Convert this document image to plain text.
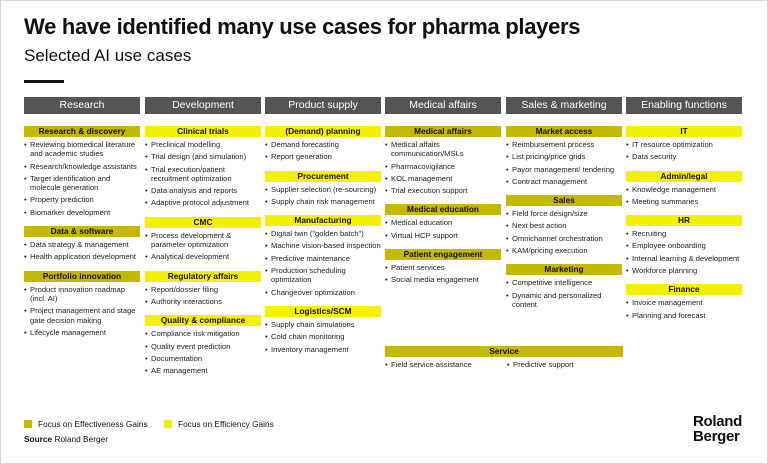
We have identified many use cases for pharma players
Selected AI use cases
Research
Research & discovery
• Reviewing biomedical literature and academic studies
• Research/knowledge assistants
• Target identification and molecule generation
• Property prediction
• Biomarker development
Data & software
• Data strategy & management
• Health application development
Portfolio innovation
• Product innovation roadmap (incl. AI)
• Project management and stage gate decision making
• Lifecycle management
Development
Clinical trials
• Preclinical modelling
• Trial design (and simulation)
• Trial execution/patient recruitment optimization
• Data analysis and reports
• Adaptive protocol adjustment
CMC
• Process development & parameter optimization
• Analytical development
Regulatory affairs
• Report/dossier filing
• Authority interactions
Quality & compliance
• Compliance risk mitigation
• Quality event prediction
• Documentation
• AE management
Product supply
(Demand) planning
• Demand forecasting
• Report generation
Procurement
• Supplier selection (re-sourcing)
• Supply chain risk management
Manufacturing
• Digital twin ("golden batch")
• Machine vision-based inspection
• Predictive maintenance
• Production scheduling optimization
• Changeover optimization
Logistics/SCM
• Supply chain simulations
• Cold chain monitoring
• Inventory management
Medical affairs
Medical affairs
• Medical affairs communication/MSLs
• Pharmacovigilance
• KOL management
• Trial execution support
Medical education
• Medical education
• Virtual HCP support
Patient engagement
• Patient services
• Social media engagement
Sales & marketing
Market access
• Reimbursement process
• List pricing/price grids
• Payor management/ tendering
• Contract management
Sales
• Field force design/size
• Next best action
• Omnichannel orchestration
• KAM/pricing execution
Marketing
• Competitive intelligence
• Dynamic and personalized content
Enabling functions
IT
• IT resource optimization
• Data security
Admin/legal
• Knowledge management
• Meeting summaries
HR
• Recruiting
• Employee onboarding
• Internal learning & development
• Workforce planning
Finance
• Invoice management
• Planning and forecast
Service
• Field service assistance
•	Predictive support
Focus on Effectiveness Gains	Focus on Efficiency Gains
Source Roland Berger
Roland
Berger
